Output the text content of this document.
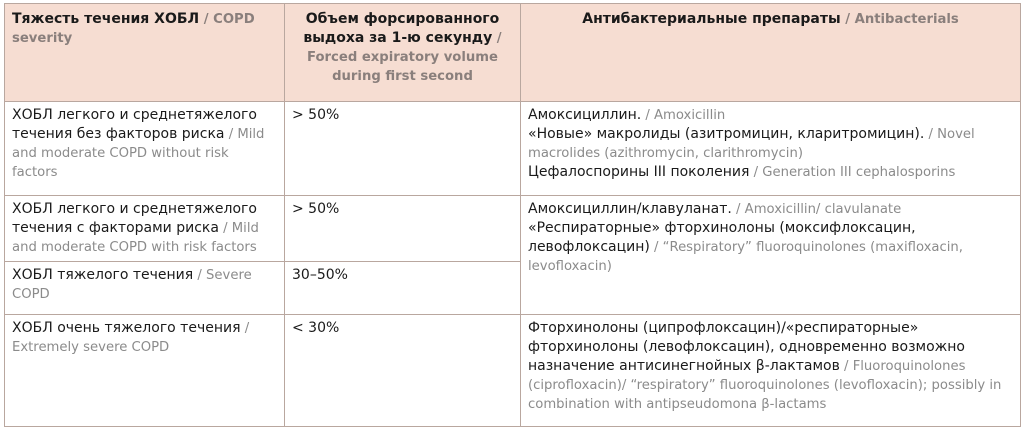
Тяжесть течения ХОБЛ / COPD severity	Объем форсированного выдоха за 1-ю секунду / Forced expiratory volume during first second	Антибактериальные препараты / Antibacterials
ХОБЛ легкого и среднетяжелого течения без факторов риска / Mild and moderate COPD without risk factors	> 50%	Амоксициллин. / Amoxicillin
«Новые» макролиды (азитромицин, кларитромицин). / Novel macrolides (azithromycin, clarithromycin)
Цефалоспорины III поколения / Generation III cephalosporins

ХОБЛ легкого и среднетяжелого течения с факторами риска / Mild and moderate COPD with risk factors	> 50%	Амоксициллин/клавуланат. / Amoxicillin/ clavulanate
«Респираторные» фторхинолоны (моксифлоксацин, левофлоксацин) / “Respiratory” fluoroquinolones (maxifloxacin, levofloxacin)

ХОБЛ тяжелого течения / Severe COPD	30–50%	
ХОБЛ очень тяжелого течения / Extremely severe COPD	< 30%	Фторхинолоны (ципрофлоксацин)/«респираторные» фторхинолоны (левофлоксацин), одновременно возможно назначение антисинегнойных β-лактамов / Fluoroquinolones (ciprofloxacin)/ “respiratory” fluoroquinolones (levofloxacin); possibly in combination with antipseudomona β-lactams
